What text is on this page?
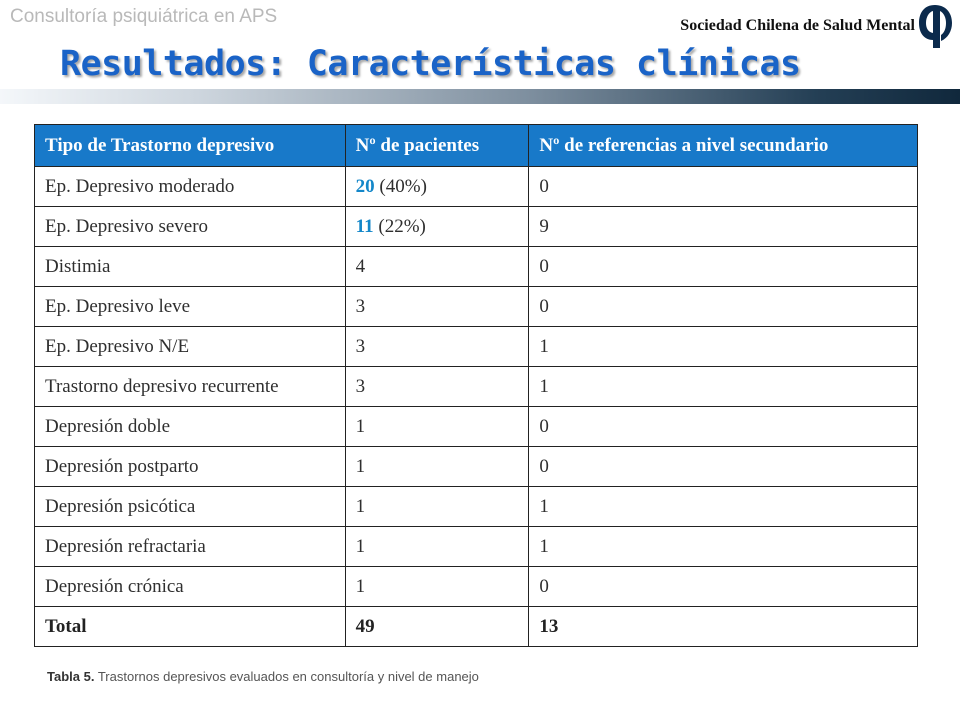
Consultoría psiquiátrica en APS	Sociedad Chilena de Salud Mental
Resultados: Características clínicas
Tipo de Trastorno depresivo	Nº de pacientes	Nº de referencias a nivel secundario
Ep. Depresivo moderado	20 (40%)	0
Ep. Depresivo severo	11 (22%)	9
Distimia	4	0
Ep. Depresivo leve	3	0
Ep. Depresivo N/E	3	1
Trastorno depresivo recurrente	3	1
Depresión doble	1	0
Depresión postparto	1	0
Depresión psicótica	1	1
Depresión refractaria	1	1
Depresión crónica	1	0
Total	49	13
Tabla 5. Trastornos depresivos evaluados en consultoría y nivel de manejo
